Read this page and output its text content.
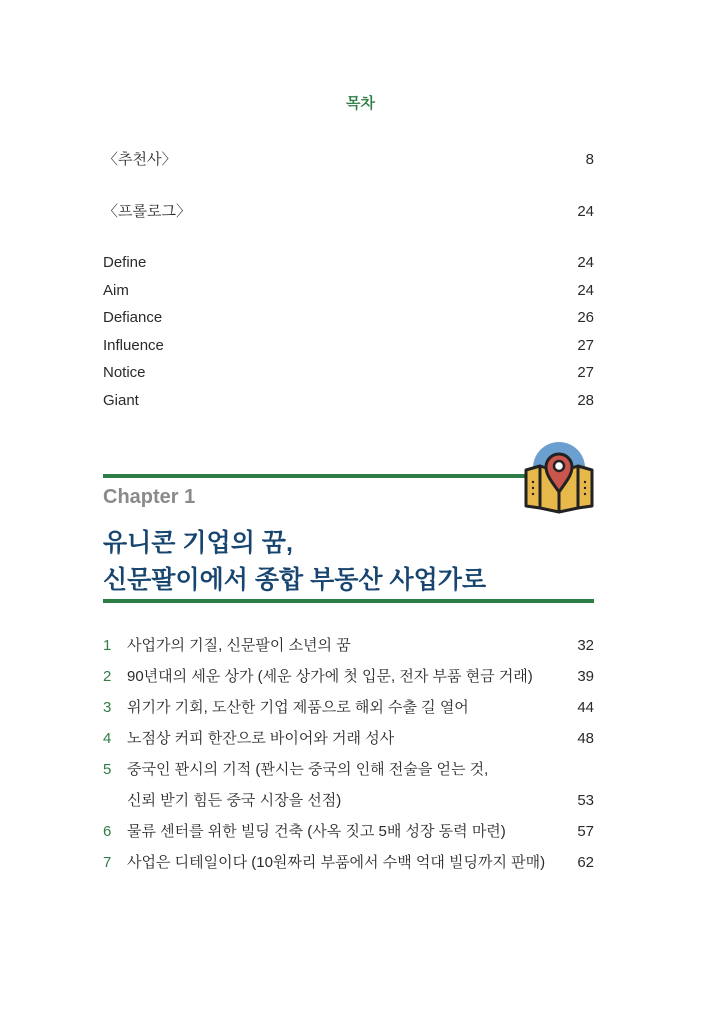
목차
〈추천사〉	8
〈프롤로그〉	24
Define	24
Aim	24
Defiance	26
Influence	27
Notice	27
Giant	28
Chapter 1
유니콘 기업의 꿈,
신문팔이에서 종합 부동산 사업가로
1 사업가의 기질, 신문팔이 소년의 꿈	32
2 90년대의 세운 상가 (세운 상가에 첫 입문, 전자 부품 현금 거래)	39
3 위기가 기회, 도산한 기업 제품으로 해외 수출 길 열어	44
4 노점상 커피 한잔으로 바이어와 거래 성사	48
5 중국인 꽌시의 기적 (꽌시는 중국의 인해 전술을 얻는 것,
신뢰 받기 힘든 중국 시장을 선점)	53
6 물류 센터를 위한 빌딩 건축 (사옥 짓고 5배 성장 동력 마련)	57
7 사업은 디테일이다 (10원짜리 부품에서 수백 억대 빌딩까지 판매) 62
